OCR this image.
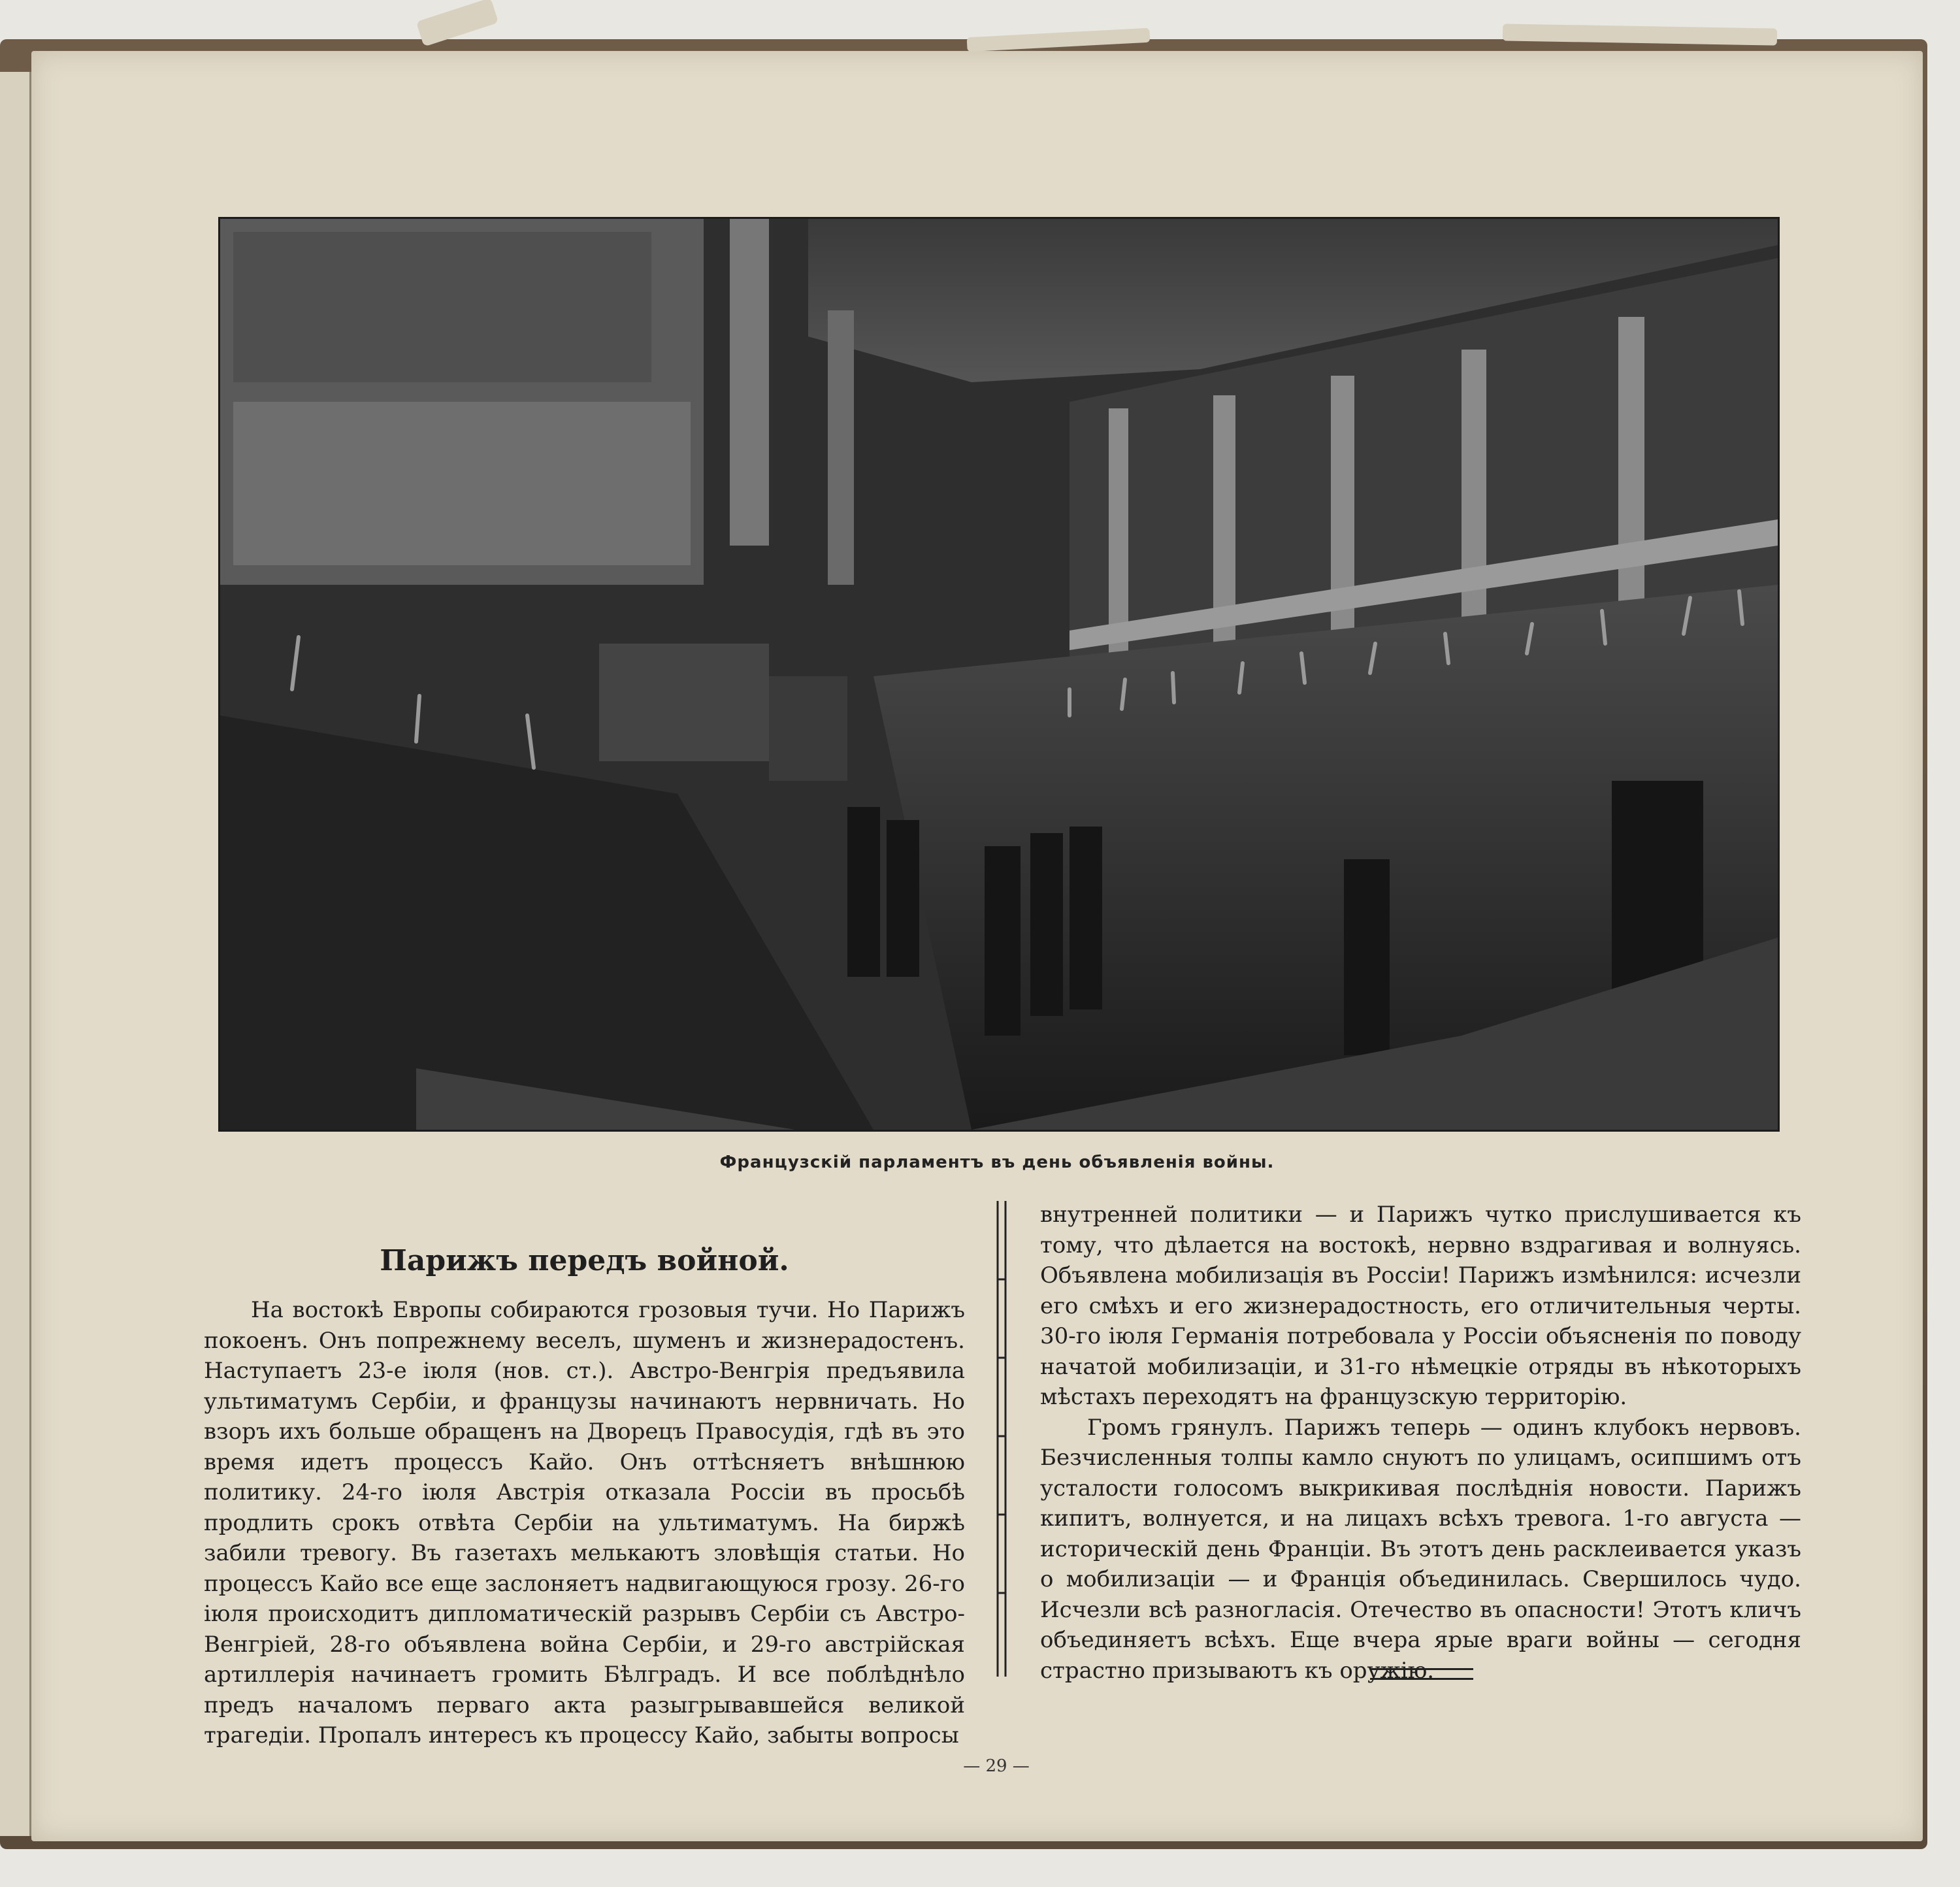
Французскій парламентъ въ день объявленія войны.
Парижъ передъ войной.

На востокѣ Европы собираются грозовыя тучи. Но Парижъ покоенъ. Онъ попрежнему веселъ, шуменъ и жизнерадостенъ. Наступаетъ 23-е іюля (нов. ст.). Австро-Венгрія предъявила ультиматумъ Сербіи, и французы начинаютъ нервничать. Но взоръ ихъ больше обращенъ на Дворецъ Правосудія, гдѣ въ это время идетъ процессъ Кайо. Онъ оттѣсняетъ внѣшнюю политику. 24-го іюля Австрія отказала Россіи въ просьбѣ продлить срокъ отвѣта Сербіи на ультиматумъ. На биржѣ забили тревогу. Въ газетахъ мелькаютъ зловѣщія статьи. Но процессъ Кайо все еще заслоняетъ надвигающуюся грозу. 26-го іюля происходитъ дипломатическій разрывъ Сербіи съ Австро-Венгріей, 28-го объявлена война Сербіи, и 29-го австрійская артиллерія начинаетъ громить Бѣлградъ. И все поблѣднѣло предъ началомъ перваго акта разыгрывавшейся великой трагедіи. Пропалъ интересъ къ процессу Кайо, забыты вопросы

внутренней политики — и Парижъ чутко прислушивается къ тому, что дѣлается на востокѣ, нервно вздрагивая и волнуясь. Объявлена мобилизація въ Россіи! Парижъ измѣнился: исчезли его смѣхъ и его жизнерадостность, его отличительныя черты. 30-го іюля Германія потребовала у Россіи объясненія по поводу начатой мобилизаціи, и 31-го нѣмецкіе отряды въ нѣкоторыхъ мѣстахъ переходятъ на французскую территорію.

Громъ грянулъ. Парижъ теперь — одинъ клубокъ нервовъ. Безчисленныя толпы камло снуютъ по улицамъ, осипшимъ отъ усталости голосомъ выкрикивая послѣднія новости. Парижъ кипитъ, волнуется, и на лицахъ всѣхъ тревога. 1-го августа — историческій день Франціи. Въ этотъ день расклеивается указъ о мобилизаціи — и Франція объединилась. Свершилось чудо. Исчезли всѣ разногласія. Отечество въ опасности! Этотъ кличъ объединяетъ всѣхъ. Еще вчера ярые враги войны — сегодня страстно призываютъ къ оружію.

— 29 —
